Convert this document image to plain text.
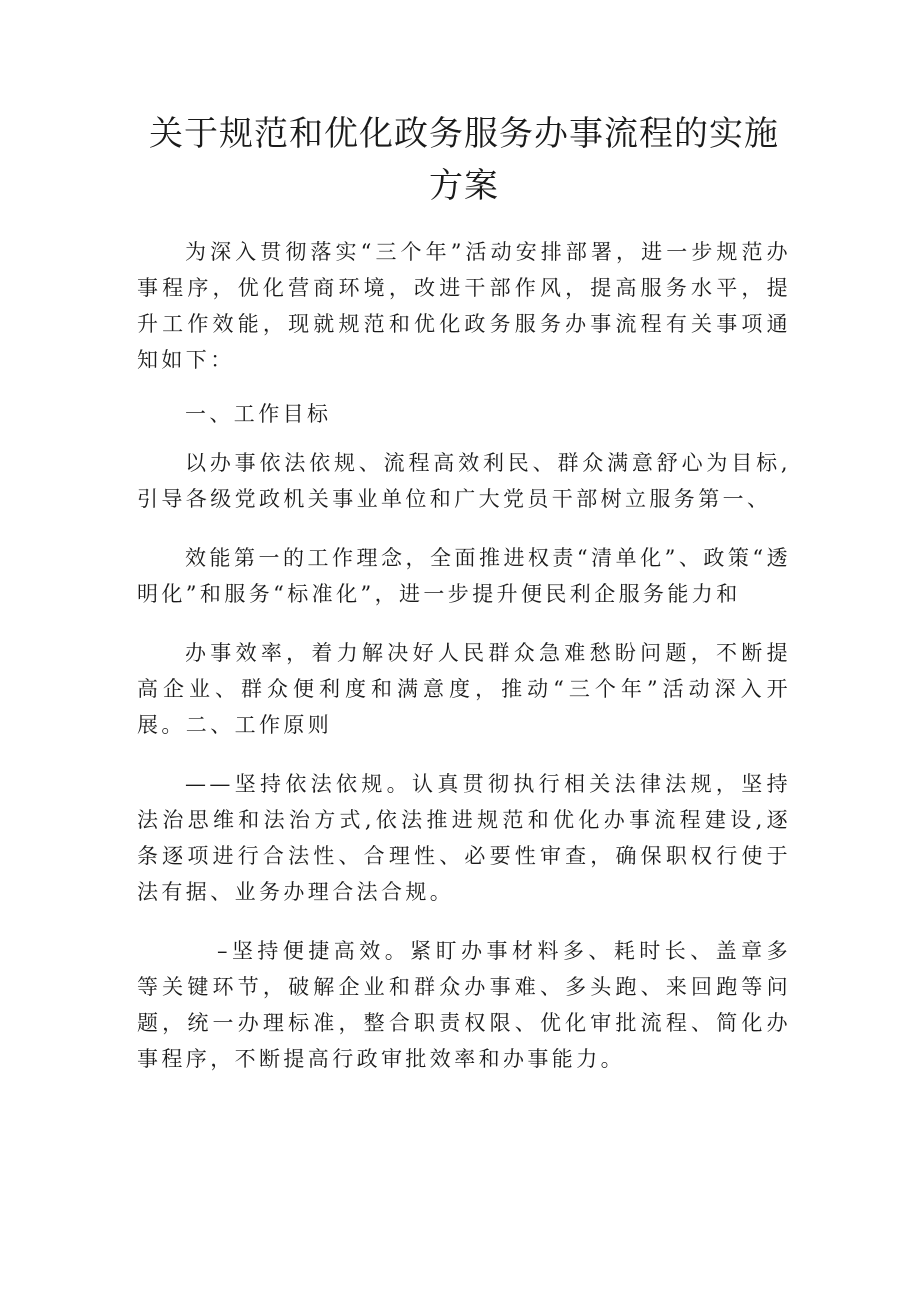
关于规范和优化政务服务办事流程的实施方案

为深入贯彻落实“三个年”活动安排部署，进一步规范办事程序，优化营商环境，改进干部作风，提高服务水平，提升工作效能，现就规范和优化政务服务办事流程有关事项通知如下：

一、工作目标

以办事依法依规、流程高效利民、群众满意舒心为目标,引导各级党政机关事业单位和广大党员干部树立服务第一、

效能第一的工作理念，全面推进权责“清单化”、政策“透明化”和服务“标准化”，进一步提升便民利企服务能力和

办事效率，着力解决好人民群众急难愁盼问题，不断提高企业、群众便利度和满意度，推动“三个年”活动深入开展。二、工作原则

——坚持依法依规。认真贯彻执行相关法律法规，坚持法治思维和法治方式,依法推进规范和优化办事流程建设,逐条逐项进行合法性、合理性、必要性审查，确保职权行使于法有据、业务办理合法合规。

–坚持便捷高效。紧盯办事材料多、耗时长、盖章多等关键环节，破解企业和群众办事难、多头跑、来回跑等问题，统一办理标准，整合职责权限、优化审批流程、简化办事程序，不断提高行政审批效率和办事能力。
